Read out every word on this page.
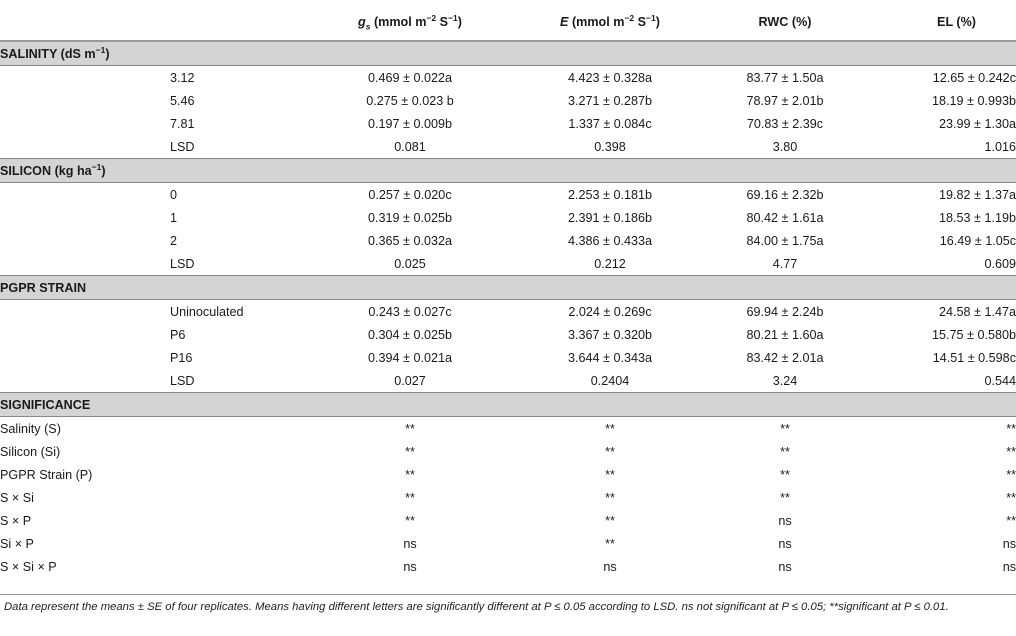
		$g_s$ (mmol $m^{-2}$ $S^{-1}$)	E (mmol $m^{-2}$ $S^{-1}$)	RWC (%)	EL (%)
SALINITY (dS $m^{-1}$)					
	3.12	0.469 ± 0.022a	4.423 ± 0.328a	83.77 ± 1.50a	12.65 ± 0.242c
	5.46	0.275 ± 0.023 b	3.271 ± 0.287b	78.97 ± 2.01b	18.19 ± 0.993b
	7.81	0.197 ± 0.009b	1.337 ± 0.084c	70.83 ± 2.39c	23.99 ± 1.30a
	LSD	0.081	0.398	3.80	1.016
SILICON (kg $ha^{-1}$)					
	0	0.257 ± 0.020c	2.253 ± 0.181b	69.16 ± 2.32b	19.82 ± 1.37a
	1	0.319 ± 0.025b	2.391 ± 0.186b	80.42 ± 1.61a	18.53 ± 1.19b
	2	0.365 ± 0.032a	4.386 ± 0.433a	84.00 ± 1.75a	16.49 ± 1.05c
	LSD	0.025	0.212	4.77	0.609
PGPR STRAIN					
	Uninoculated	0.243 ± 0.027c	2.024 ± 0.269c	69.94 ± 2.24b	24.58 ± 1.47a
	P6	0.304 ± 0.025b	3.367 ± 0.320b	80.21 ± 1.60a	15.75 ± 0.580b
	P16	0.394 ± 0.021a	3.644 ± 0.343a	83.42 ± 2.01a	14.51 ± 0.598c
	LSD	0.027	0.2404	3.24	0.544
SIGNIFICANCE					
Salinity (S)		**	**	**	**
Silicon (Si)		**	**	**	**
PGPR Strain (P)		**	**	**	**
S × Si		**	**	**	**
S × P		**	**	ns	**
Si × P		ns	**	ns	ns
S × Si × P		ns	ns	ns	ns
Data represent the means ± SE of four replicates. Means having different letters are significantly different at P ≤ 0.05 according to LSD. ns not significant at P ≤ 0.05; **significant at P ≤ 0.01.
